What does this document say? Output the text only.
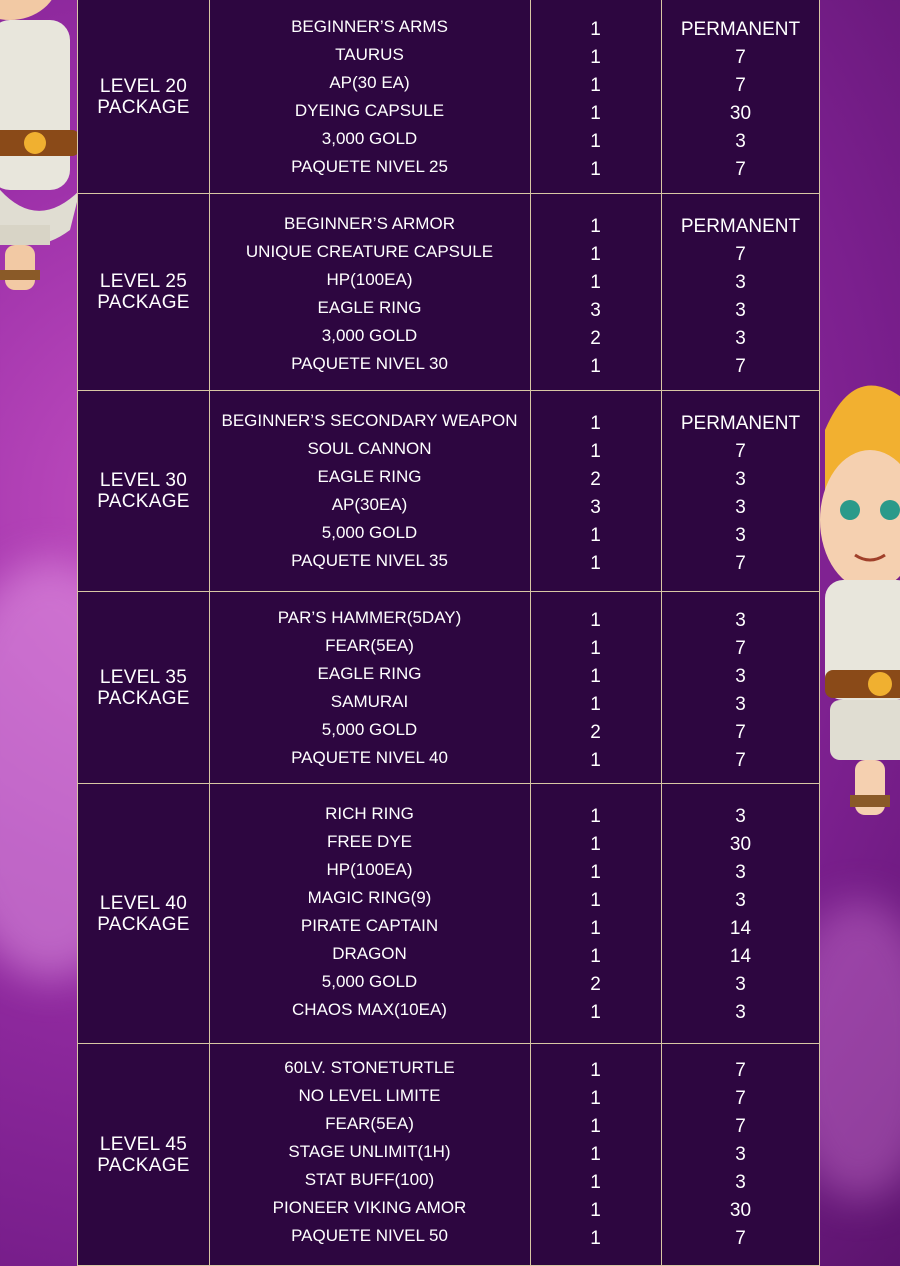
LEVEL 20
PACKAGE
BEGINNER’S ARMS	1	PERMANENT
TAURUS	1	7
AP(30 EA)	1	7
DYEING CAPSULE	1	30
3,000 GOLD	1	3
PAQUETE NIVEL 25	1	7
LEVEL 25
PACKAGE
BEGINNER’S ARMOR	1	PERMANENT
UNIQUE CREATURE CAPSULE	1	7
HP(100EA)	1	3
EAGLE RING	3	3
3,000 GOLD	2	3
PAQUETE NIVEL 30	1	7
LEVEL 30
PACKAGE
BEGINNER’S SECONDARY WEAPON	1	PERMANENT
SOUL CANNON	1	7
EAGLE RING	2	3
AP(30EA)	3	3
5,000 GOLD	1	3
PAQUETE NIVEL 35	1	7
LEVEL 35
PACKAGE
PAR’S HAMMER(5DAY)	1	3
FEAR(5EA)	1	7
EAGLE RING	1	3
SAMURAI	1	3
5,000 GOLD	2	7
PAQUETE NIVEL 40	1	7
LEVEL 40
PACKAGE
RICH RING	1	3
FREE DYE	1	30
HP(100EA)	1	3
MAGIC RING(9)	1	3
PIRATE CAPTAIN	1	14
DRAGON	1	14
5,000 GOLD	2	3
CHAOS MAX(10EA)	1	3
LEVEL 45
PACKAGE
60LV. STONETURTLE	1	7
NO LEVEL LIMITE	1	7
FEAR(5EA)	1	7
STAGE UNLIMIT(1H)	1	3
STAT BUFF(100)	1	3
PIONEER VIKING AMOR	1	30
PAQUETE NIVEL 50	1	7
